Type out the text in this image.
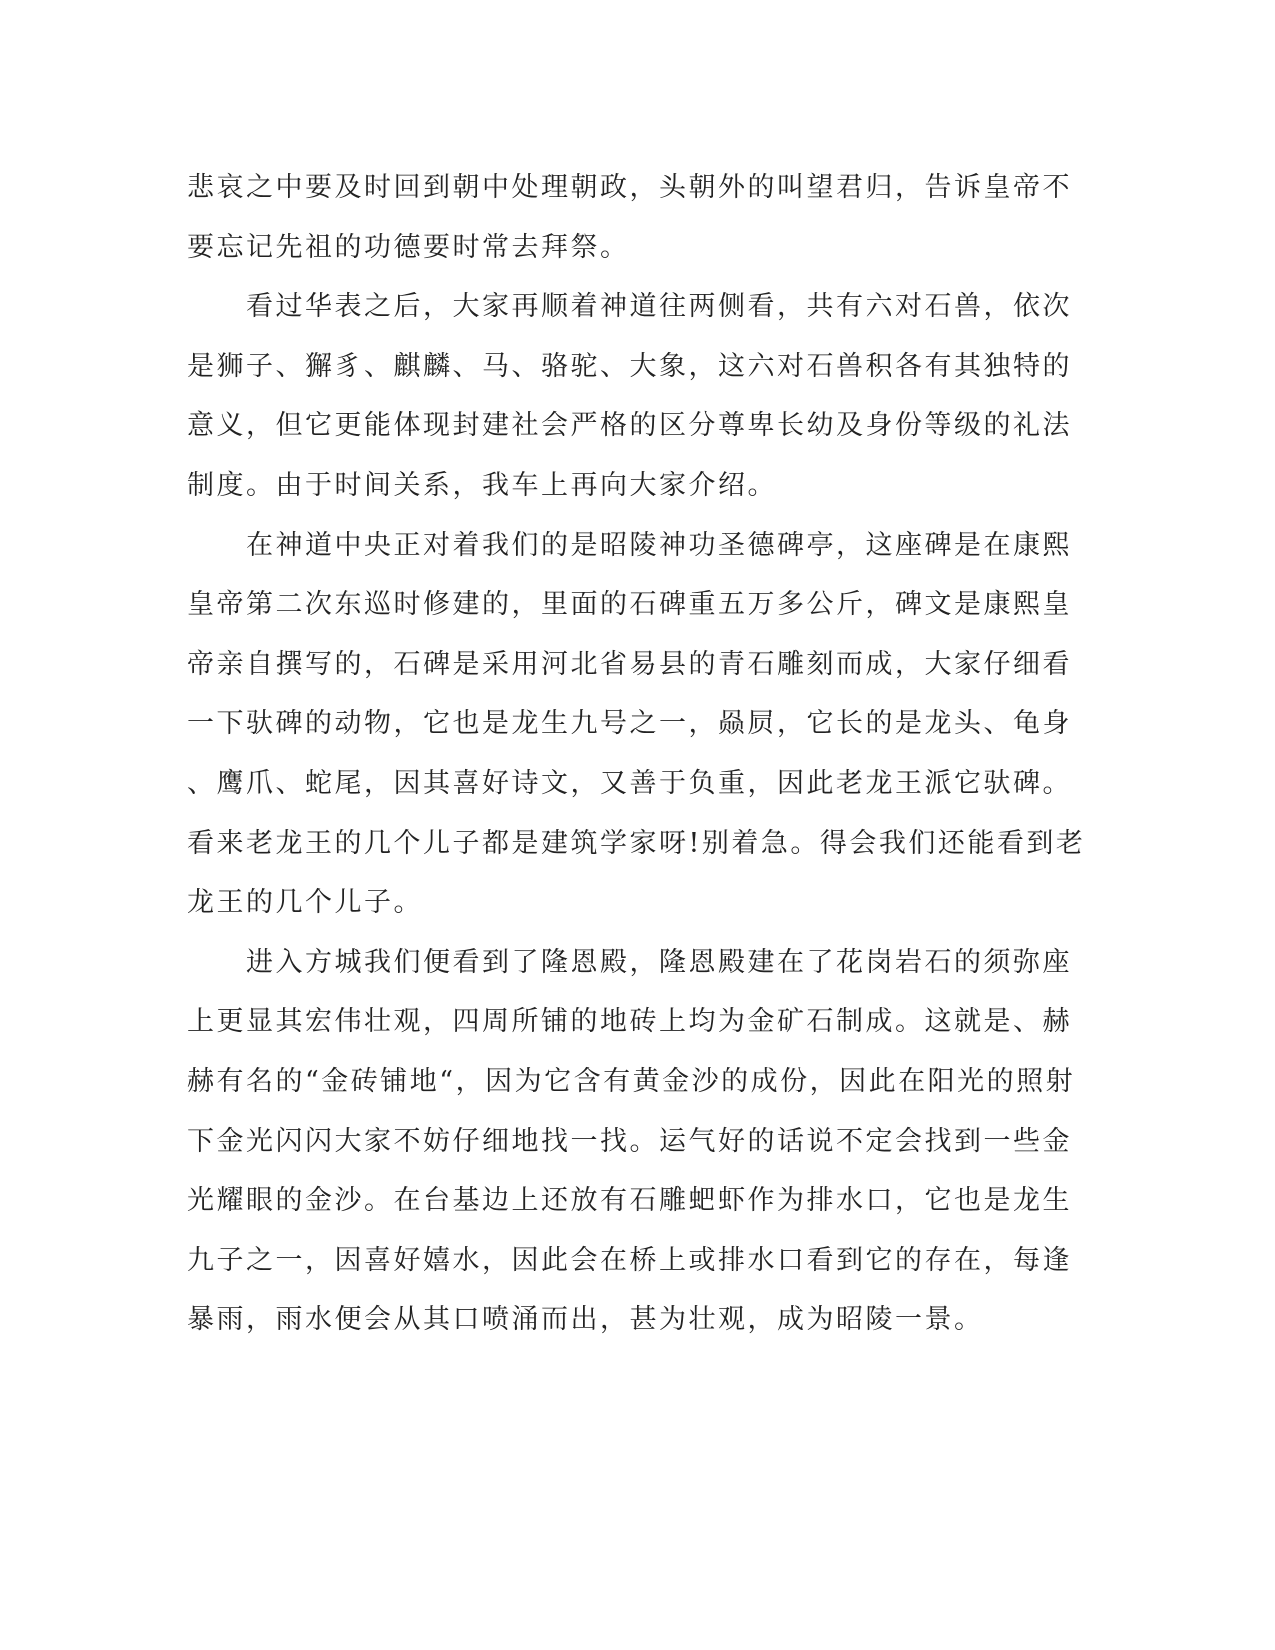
悲哀之中要及时回到朝中处理朝政，头朝外的叫望君归，告诉皇帝不
要忘记先祖的功德要时常去拜祭。
　　看过华表之后，大家再顺着神道往两侧看，共有六对石兽，依次
是狮子、獬豸、麒麟、马、骆驼、大象，这六对石兽积各有其独特的
意义，但它更能体现封建社会严格的区分尊卑长幼及身份等级的礼法
制度。由于时间关系，我车上再向大家介绍。
　　在神道中央正对着我们的是昭陵神功圣德碑亭，这座碑是在康熙
皇帝第二次东巡时修建的，里面的石碑重五万多公斤，碑文是康熙皇
帝亲自撰写的，石碑是采用河北省易县的青石雕刻而成，大家仔细看
一下驮碑的动物，它也是龙生九号之一，赑屃，它长的是龙头、龟身
、鹰爪、蛇尾，因其喜好诗文，又善于负重，因此老龙王派它驮碑。
看来老龙王的几个儿子都是建筑学家呀!别着急。得会我们还能看到老
龙王的几个儿子。
　　进入方城我们便看到了隆恩殿，隆恩殿建在了花岗岩石的须弥座
上更显其宏伟壮观，四周所铺的地砖上均为金矿石制成。这就是、赫
赫有名的“金砖铺地“，因为它含有黄金沙的成份，因此在阳光的照射
下金光闪闪大家不妨仔细地找一找。运气好的话说不定会找到一些金
光耀眼的金沙。在台基边上还放有石雕蚆虾作为排水口，它也是龙生
九子之一，因喜好嬉水，因此会在桥上或排水口看到它的存在，每逢
暴雨，雨水便会从其口喷涌而出，甚为壮观，成为昭陵一景。
